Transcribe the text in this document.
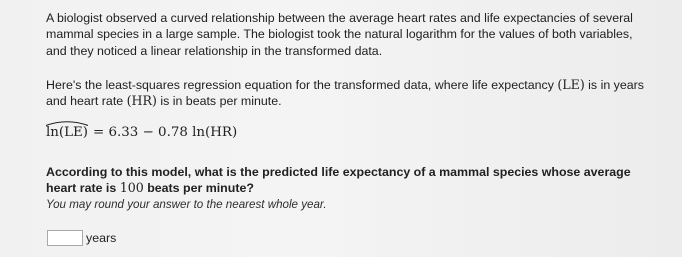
A biologist observed a curved relationship between the average heart rates and life expectancies of several mammal species in a large sample. The biologist took the natural logarithm for the values of both variables, and they noticed a linear relationship in the transformed data.

Here's the least-squares regression equation for the transformed data, where life expectancy (LE) is in years and heart rate (HR) is in beats per minute.

ln(LE) = 6.33 − 0.78 ln(HR)

According to this model, what is the predicted life expectancy of a mammal species whose average heart rate is 100 beats per minute?

You may round your answer to the nearest whole year.

years
